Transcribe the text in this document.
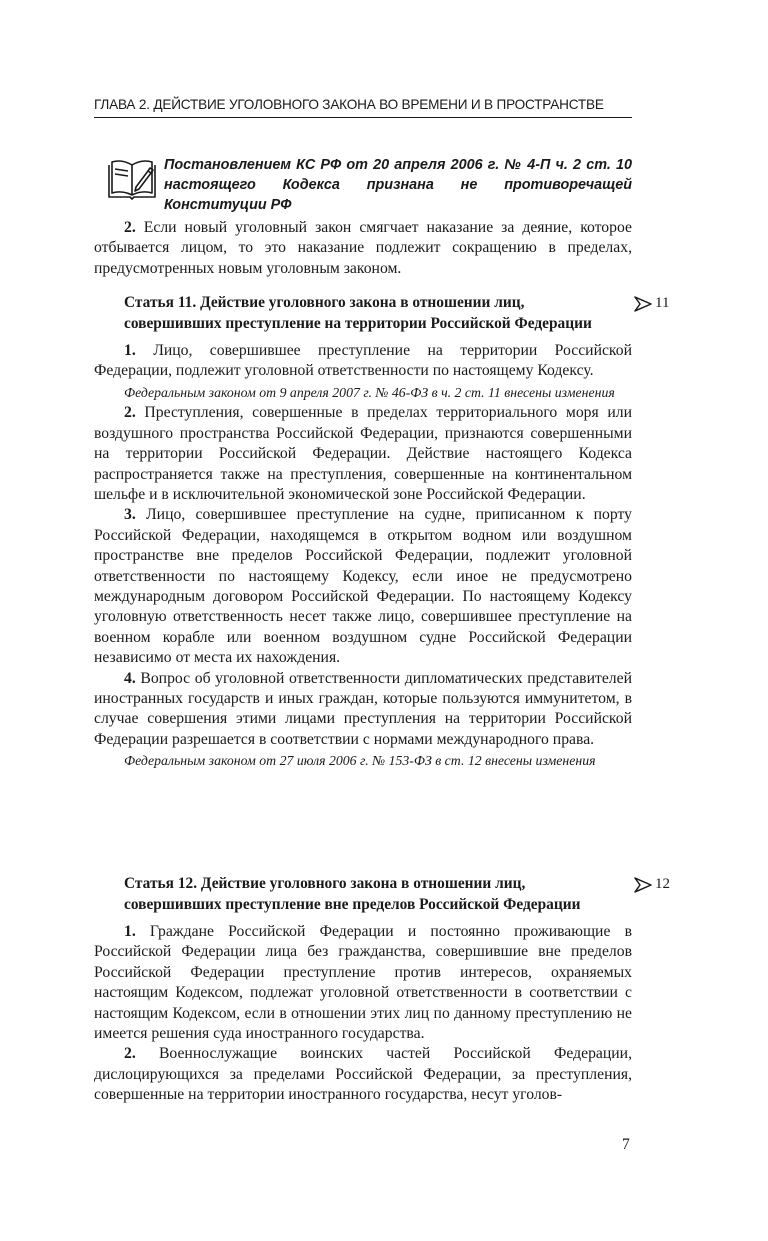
ГЛАВА 2. ДЕЙСТВИЕ УГОЛОВНОГО ЗАКОНА ВО ВРЕМЕНИ И В ПРОСТРАНСТВЕ
Постановлением КС РФ от 20 апреля 2006 г. № 4-П ч. 2 ст. 10 настоящего Кодекса признана не противоречащей Конституции РФ

2. Если новый уголовный закон смягчает наказание за деяние, которое отбывается лицом, то это наказание подлежит сокращению в пределах, предусмотренных новым уголовным законом.

Статья 11. Действие уголовного закона в отношении лиц,
совершивших преступление на территории Российской Федерации
11

1. Лицо, совершившее преступление на территории Российской Федерации, подлежит уголовной ответственности по настоящему Кодексу.

Федеральным законом от 9 апреля 2007 г. № 46-ФЗ в ч. 2 ст. 11 внесены изменения

2. Преступления, совершенные в пределах территориального моря или воздушного пространства Российской Федерации, признаются совершенными на территории Российской Федерации. Действие настоящего Кодекса распространяется также на преступления, совершенные на континентальном шельфе и в исключительной экономической зоне Российской Федерации.

3. Лицо, совершившее преступление на судне, приписанном к порту Российской Федерации, находящемся в открытом водном или воздушном пространстве вне пределов Российской Федерации, подлежит уголовной ответственности по настоящему Кодексу, если иное не предусмотрено международным договором Российской Федерации. По настоящему Кодексу уголовную ответственность несет также лицо, совершившее преступление на военном корабле или военном воздушном судне Российской Федерации независимо от места их нахождения.

4. Вопрос об уголовной ответственности дипломатических представителей иностранных государств и иных граждан, которые пользуются иммунитетом, в случае совершения этими лицами преступления на территории Российской Федерации разрешается в соответствии с нормами международного права.

Федеральным законом от 27 июля 2006 г. № 153-ФЗ в ст. 12 внесены изменения

Статья 12. Действие уголовного закона в отношении лиц,
совершивших преступление вне пределов Российской Федерации
12

1. Граждане Российской Федерации и постоянно проживающие в Российской Федерации лица без гражданства, совершившие вне пределов Российской Федерации преступление против интересов, охраняемых настоящим Кодексом, подлежат уголовной ответственности в соответствии с настоящим Кодексом, если в отношении этих лиц по данному преступлению не имеется решения суда иностранного государства.

2. Военнослужащие воинских частей Российской Федерации, дислоцирующихся за пределами Российской Федерации, за преступления, совершенные на территории иностранного государства, несут уголов-

7
